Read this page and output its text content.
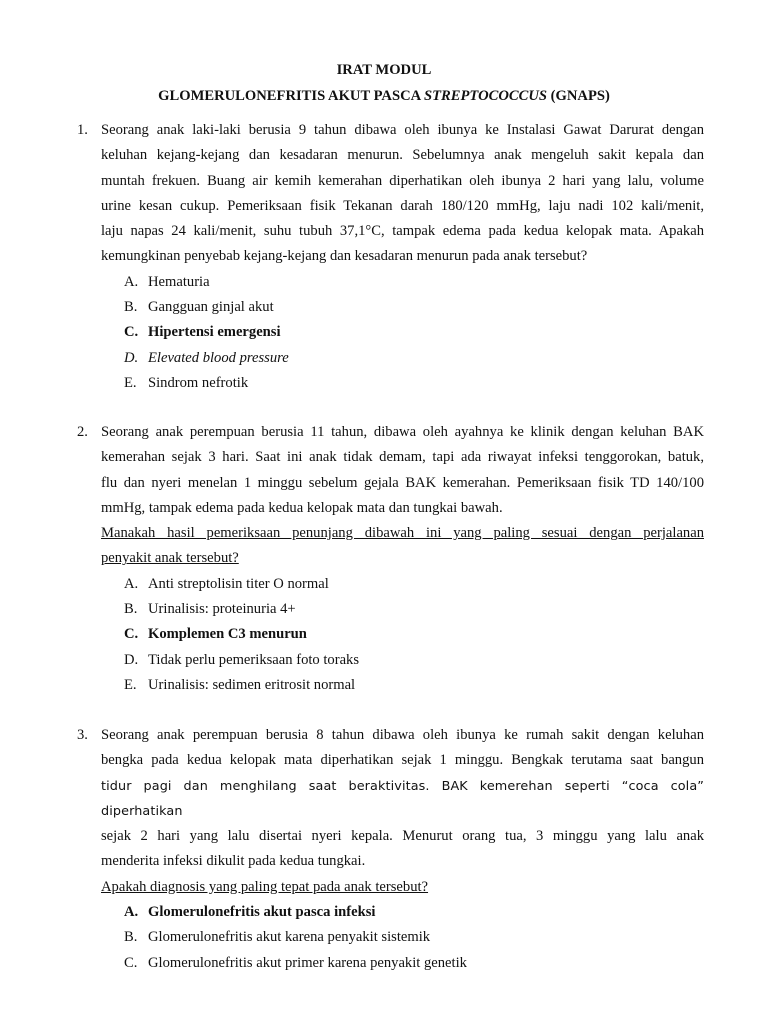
IRAT MODUL
GLOMERULONEFRITIS AKUT PASCA STREPTOCOCCUS (GNAPS)
1. Seorang anak laki-laki berusia 9 tahun dibawa oleh ibunya ke Instalasi Gawat Darurat dengan
keluhan kejang-kejang dan kesadaran menurun. Sebelumnya anak mengeluh sakit kepala dan
muntah frekuen. Buang air kemih kemerahan diperhatikan oleh ibunya 2 hari yang lalu, volume
urine kesan cukup. Pemeriksaan fisik Tekanan darah 180/120 mmHg, laju nadi 102 kali/menit,
laju napas 24 kali/menit, suhu tubuh 37,1°C, tampak edema pada kedua kelopak mata. Apakah
kemungkinan penyebab kejang-kejang dan kesadaran menurun pada anak tersebut?
A. Hematuria
B. Gangguan ginjal akut
C. Hipertensi emergensi
D. Elevated blood pressure
E. Sindrom nefrotik
2. Seorang anak perempuan berusia 11 tahun, dibawa oleh ayahnya ke klinik dengan keluhan BAK
kemerahan sejak 3 hari. Saat ini anak tidak demam, tapi ada riwayat infeksi tenggorokan, batuk,
flu dan nyeri menelan 1 minggu sebelum gejala BAK kemerahan. Pemeriksaan fisik TD 140/100
mmHg, tampak edema pada kedua kelopak mata dan tungkai bawah.
Manakah hasil pemeriksaan penunjang dibawah ini yang paling sesuai dengan perjalanan
penyakit anak tersebut?
A. Anti streptolisin titer O normal
B. Urinalisis: proteinuria 4+
C. Komplemen C3 menurun
D. Tidak perlu pemeriksaan foto toraks
E. Urinalisis: sedimen eritrosit normal
3. Seorang anak perempuan berusia 8 tahun dibawa oleh ibunya ke rumah sakit dengan keluhan
bengka pada kedua kelopak mata diperhatikan sejak 1 minggu. Bengkak terutama saat bangun
tidur pagi dan menghilang saat beraktivitas. BAK kemerehan seperti “coca cola” diperhatikan
sejak 2 hari yang lalu disertai nyeri kepala. Menurut orang tua, 3 minggu yang lalu anak
menderita infeksi dikulit pada kedua tungkai.
Apakah diagnosis yang paling tepat pada anak tersebut?
A. Glomerulonefritis akut pasca infeksi
B. Glomerulonefritis akut karena penyakit sistemik
C. Glomerulonefritis akut primer karena penyakit genetik
